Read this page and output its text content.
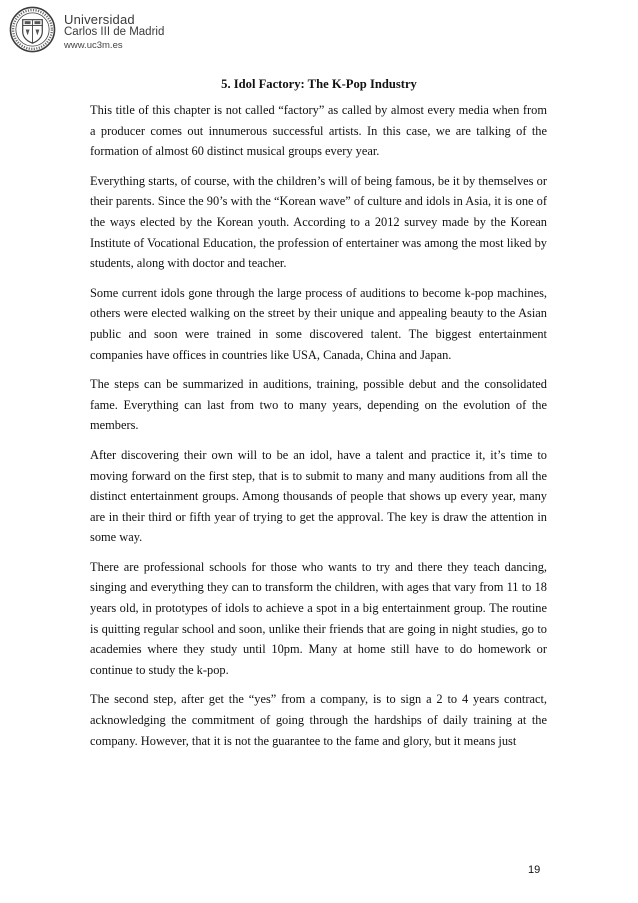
Universidad
Carlos III de Madrid
www.uc3m.es
5. Idol Factory: The K-Pop Industry

This title of this chapter is not called “factory” as called by almost every media when from a producer comes out innumerous successful artists. In this case, we are talking of the formation of almost 60 distinct musical groups every year.

Everything starts, of course, with the children’s will of being famous, be it by themselves or their parents. Since the 90’s with the “Korean wave” of culture and idols in Asia, it is one of the ways elected by the Korean youth. According to a 2012 survey made by the Korean Institute of Vocational Education, the profession of entertainer was among the most liked by students, along with doctor and teacher.

Some current idols gone through the large process of auditions to become k-pop machines, others were elected walking on the street by their unique and appealing beauty to the Asian public and soon were trained in some discovered talent. The biggest entertainment companies have offices in countries like USA, Canada, China and Japan.

The steps can be summarized in auditions, training, possible debut and the consolidated fame. Everything can last from two to many years, depending on the evolution of the members.

After discovering their own will to be an idol, have a talent and practice it, it’s time to moving forward on the first step, that is to submit to many and many auditions from all the distinct entertainment groups. Among thousands of people that shows up every year, many are in their third or fifth year of trying to get the approval. The key is draw the attention in some way.

There are professional schools for those who wants to try and there they teach dancing, singing and everything they can to transform the children, with ages that vary from 11 to 18 years old, in prototypes of idols to achieve a spot in a big entertainment group. The routine is quitting regular school and soon, unlike their friends that are going in night studies, go to academies where they study until 10pm. Many at home still have to do homework or continue to study the k-pop.

The second step, after get the “yes” from a company, is to sign a 2 to 4 years contract, acknowledging the commitment of going through the hardships of daily training at the company. However, that it is not the guarantee to the fame and glory, but it means just

19
